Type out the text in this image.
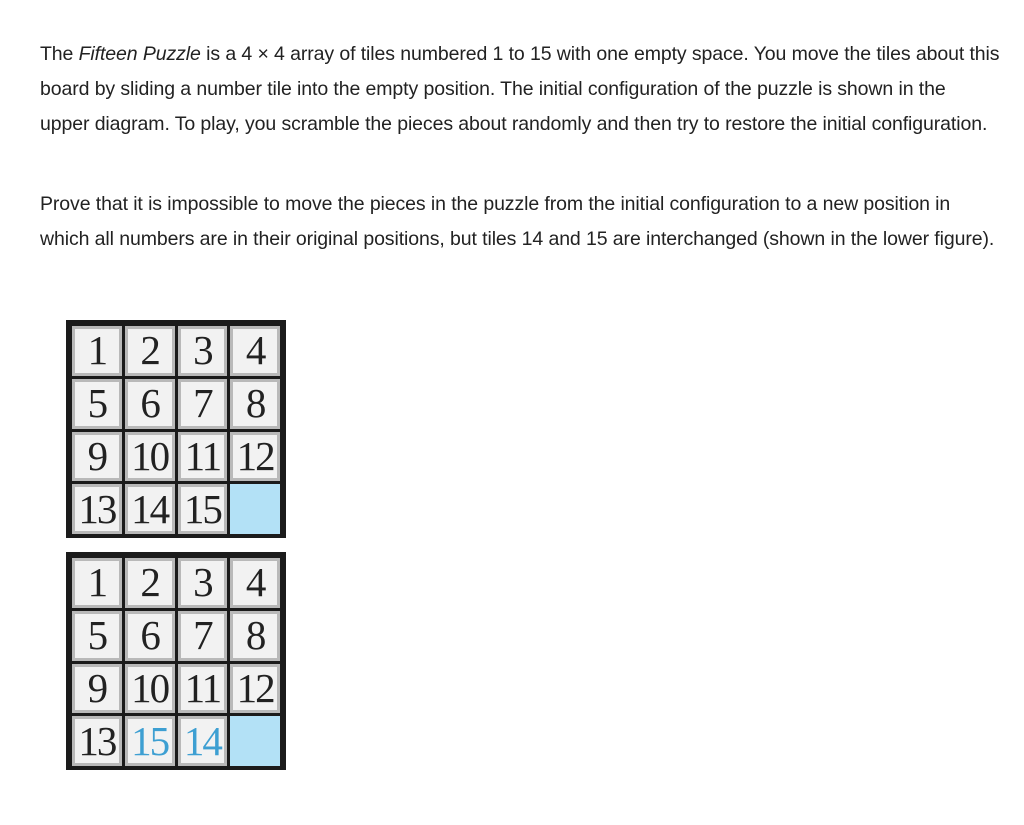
The Fifteen Puzzle is a 4 × 4 array of tiles numbered 1 to 15 with one empty space. You move the tiles about this board by sliding a number tile into the empty position. The initial configuration of the puzzle is shown in the upper diagram. To play, you scramble the pieces about randomly and then try to restore the initial configuration.

Prove that it is impossible to move the pieces in the puzzle from the initial configuration to a new position in which all numbers are in their original positions, but tiles 14 and 15 are interchanged (shown in the lower figure).

1 2 3 4
5 6 7 8
9 10 11 12
13 14 15
1 2 3 4
5 6 7 8
9 10 11 12
13 15 14
